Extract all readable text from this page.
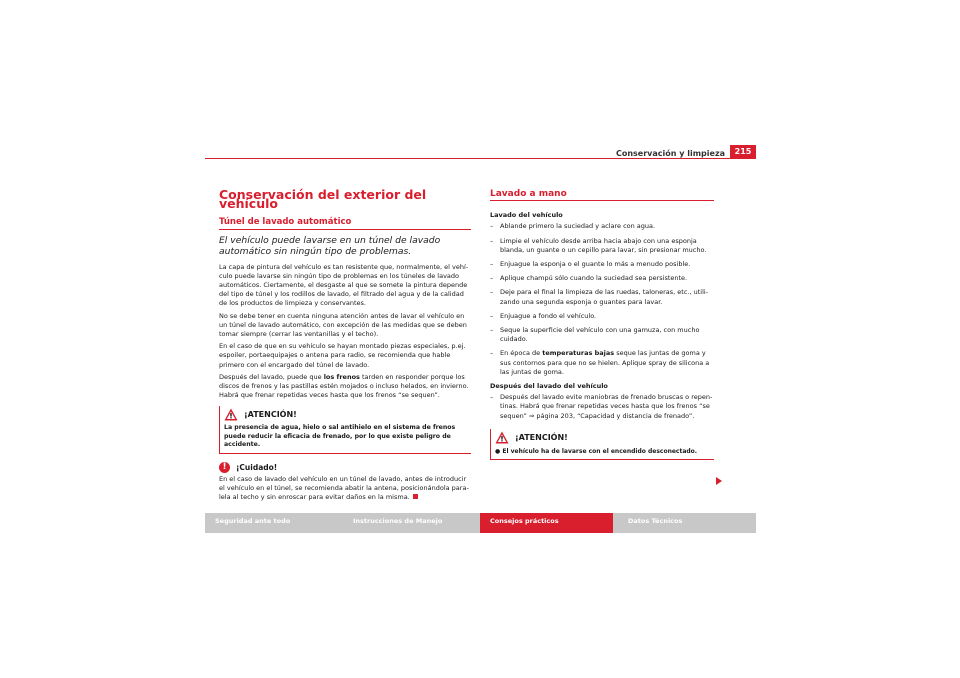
Conservación y limpieza	215
Conservación del exterior del vehículo
Túnel de lavado automático
El vehículo puede lavarse en un túnel de lavado automático sin ningún tipo de problemas.

La capa de pintura del vehículo es tan resistente que, normalmente, el vehí-culo puede lavarse sin ningún tipo de problemas en los túneles de lavado automáticos. Ciertamente, el desgaste al que se somete la pintura depende del tipo de túnel y los rodillos de lavado, el filtrado del agua y de la calidad de los productos de limpieza y conservantes.

No se debe tener en cuenta ninguna atención antes de lavar el vehículo en un túnel de lavado automático, con excepción de las medidas que se deben tomar siempre (cerrar las ventanillas y el techo).

En el caso de que en su vehículo se hayan montado piezas especiales, p.ej. espoiler, portaequipajes o antena para radio, se recomienda que hable primero con el encargado del túnel de lavado.

Después del lavado, puede que los frenos tarden en responder porque los discos de frenos y las pastillas estén mojados o incluso helados, en invierno. Habrá que frenar repetidas veces hasta que los frenos “se sequen”.

¡ATENCIÓN!
La presencia de agua, hielo o sal antihielo en el sistema de frenos puede reducir la eficacia de frenado, por lo que existe peligro de accidente.
!	¡Cuidado!

En el caso de lavado del vehículo en un túnel de lavado, antes de introducir el vehículo en el túnel, se recomienda abatir la antena, posicionándola para-lela al techo y sin enroscar para evitar daños en la misma.

Lavado a mano
Lavado del vehículo
–	Ablande primero la suciedad y aclare con agua.
–	Limpie el vehículo desde arriba hacia abajo con una esponja blanda, un guante o un cepillo para lavar, sin presionar mucho.
–	Enjuague la esponja o el guante lo más a menudo posible.
–	Aplique champú sólo cuando la suciedad sea persistente.
–	Deje para el final la limpieza de las ruedas, taloneras, etc., utili-zando una segunda esponja o guantes para lavar.
–	Enjuague a fondo el vehículo.
–	Seque la superficie del vehículo con una gamuza, con mucho cuidado.
–	En época de temperaturas bajas seque las juntas de goma y sus contornos para que no se hielen. Aplique spray de silicona a las juntas de goma.
Después del lavado del vehículo
–	Después del lavado evite maniobras de frenado bruscas o repen-tinas. Habrá que frenar repetidas veces hasta que los frenos “se sequen” ⇒ página 203, “Capacidad y distancia de frenado”.
¡ATENCIÓN!
● El vehículo ha de lavarse con el encendido desconectado.
Seguridad ante todo	Instrucciones de Manejo	Consejos prácticos	Datos Técnicos
